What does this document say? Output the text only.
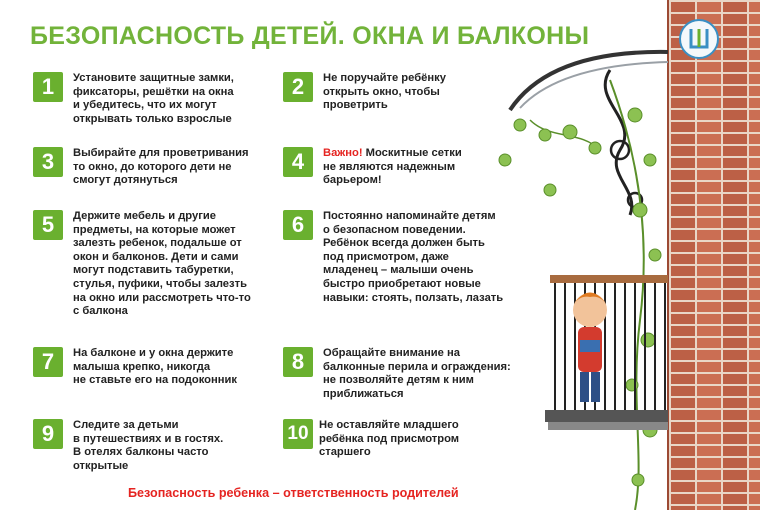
БЕЗОПАСНОСТЬ ДЕТЕЙ. ОКНА И БАЛКОНЫ
1	Установите защитные замки,
фиксаторы, решётки на окна
и убедитесь, что их могут
открывать только взрослые
2	Не поручайте ребёнку
открыть окно, чтобы
проветрить
3	Выбирайте для проветривания
то окно, до которого дети не
смогут дотянуться
4	Важно! Москитные сетки
не являются надежным
барьером!
5	Держите мебель и другие
предметы, на которые может
залезть ребенок, подальше от
окон и балконов. Дети и сами
могут подставить табуретки,
стулья, пуфики, чтобы залезть
на окно или рассмотреть что-то
с балкона
6	Постоянно напоминайте детям
о безопасном поведении.
Ребёнок всегда должен быть
под присмотром, даже
младенец – малыши очень
быстро приобретают новые
навыки: стоять, ползать, лазать
7	На балконе и у окна держите
малыша крепко, никогда
не ставьте его на подоконник
8	Обращайте внимание на
балконные перила и ограждения:
не позволяйте детям к ним
приближаться
9	Следите за детьми
в путешествиях и в гостях.
В отелях балконы часто
открытые
10 Не оставляйте младшего
ребёнка под присмотром
старшего
Безопасность ребенка – ответственность родителей
